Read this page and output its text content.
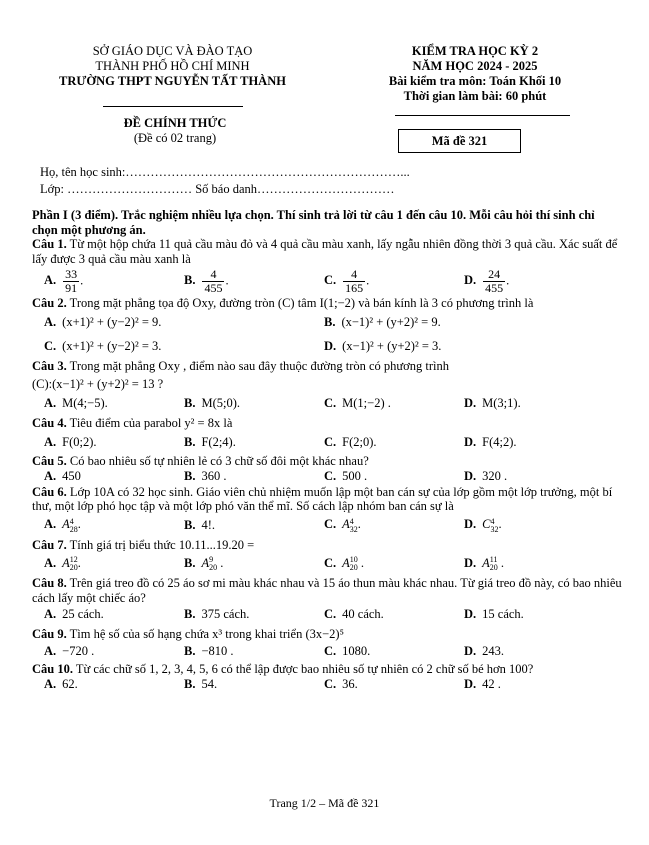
SỞ GIÁO DỤC VÀ ĐÀO TẠO
THÀNH PHỐ HỒ CHÍ MINH
TRƯỜNG THPT NGUYỄN TẤT THÀNH
KIỂM TRA HỌC KỲ 2
NĂM HỌC 2024 - 2025
Bài kiểm tra môn: Toán Khối 10
Thời gian làm bài: 60 phút
ĐỀ CHÍNH THỨC
(Đề có 02 trang)	Mã đề 321
Họ, tên học sinh:…………………………………………………………...
Lớp: ………………………… Số báo danh……………………………

Phần I (3 điểm). Trắc nghiệm nhiều lựa chọn. Thí sinh trả lời từ câu 1 đến câu 10. Mỗi câu hỏi thí sinh chỉ chọn một phương án.

Câu 1. Từ một hộp chứa 11 quả cầu màu đỏ và 4 quả cầu màu xanh, lấy ngẫu nhiên đồng thời 3 quả cầu. Xác suất để lấy được 3 quả cầu màu xanh là

A. $\frac{33}{91}$ .	B. $\frac{4}{455}$ .	C. $\frac{4}{165}$ .	D. $\frac{24}{455}$ .

Câu 2. Trong mặt phẳng tọa độ Oxy, đường tròn (C) tâm I(1;−2) và bán kính là 3 có phương trình là

A. (x+1)² + (y−2)² = 9.	B. (x−1)² + (y+2)² = 9.
C. (x+1)² + (y−2)² = 3.	D. (x−1)² + (y+2)² = 3.

Câu 3. Trong mặt phẳng Oxy , điểm nào sau đây thuộc đường tròn có phương trình

(C):(x−1)² + (y+2)² = 13 ?

A. M(4;−5).	B. M(5;0).	C. M(1;−2) .	D. M(3;1).

Câu 4. Tiêu điểm của parabol y² = 8x là

A. F(0;2).	B. F(2;4).	C. F(2;0).	D. F(4;2).

Câu 5. Có bao nhiêu số tự nhiên lẻ có 3 chữ số đôi một khác nhau?

A. 450	B. 360 .	C. 500 .	D. 320 .

Câu 6. Lớp 10A có 32 học sinh. Giáo viên chủ nhiệm muốn lập một ban cán sự của lớp gồm một lớp trưởng, một bí thư, một lớp phó học tập và một lớp phó văn thể mĩ. Số cách lập nhóm ban cán sự là

A. A 4
28 .	B. 4!.	C. A 4
32 .	D. C 4
32 .

Câu 7. Tính giá trị biểu thức 10.11...19.20 =

A. A 12
20 .	B. A 9
20 .	C. A 10
20 .	D. A 11
20 .

Câu 8. Trên giá treo đồ có 25 áo sơ mi màu khác nhau và 15 áo thun màu khác nhau. Từ giá treo đồ này, có bao nhiêu cách lấy một chiếc áo?

A. 25 cách.	B. 375 cách.	C. 40 cách.	D. 15 cách.

Câu 9. Tìm hệ số của số hạng chứa x³ trong khai triển (3x−2)⁵

A. −720 .	B. −810 .	C. 1080.	D. 243.

Câu 10. Từ các chữ số 1, 2, 3, 4, 5, 6 có thể lập được bao nhiêu số tự nhiên có 2 chữ số bé hơn 100?

A. 62.	B. 54.	C. 36.	D. 42 .
Trang 1/2 – Mã đề 321
